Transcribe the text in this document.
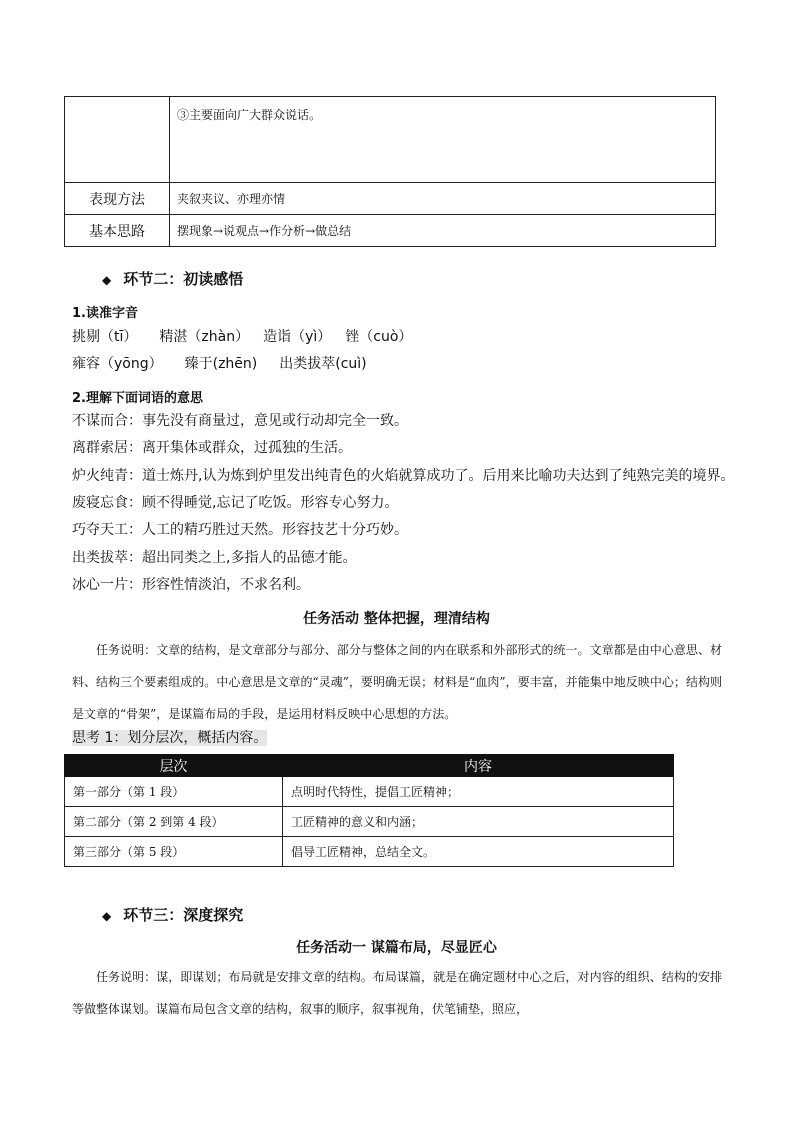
	③主要面向广大群众说话。
表现方法	夹叙夹议、亦理亦情
基本思路	摆现象→说观点→作分析→做总结
◆ 环节二：初读感悟
1.读准字音
挑剔（tī） 精湛（zhàn） 造诣（yì） 锉（cuò）
雍容（yōng） 臻于(zhēn) 出类拔萃(cuì)
2.理解下面词语的意思
不谋而合：事先没有商量过，意见或行动却完全一致。
离群索居：离开集体或群众，过孤独的生活。
炉火纯青：道士炼丹,认为炼到炉里发出纯青色的火焰就算成功了。后用来比喻功夫达到了纯熟完美的境界。
废寝忘食：顾不得睡觉,忘记了吃饭。形容专心努力。
巧夺天工：人工的精巧胜过天然。形容技艺十分巧妙。
出类拔萃：超出同类之上,多指人的品德才能。
冰心一片：形容性情淡泊，不求名利。
任务活动 整体把握，理清结构
任务说明：文章的结构，是文章部分与部分、部分与整体之间的内在联系和外部形式的统一。文章都是由中心意思、材料、结构三个要素组成的。中心意思是文章的“灵魂”，要明确无误；材料是“血肉”，要丰富，并能集中地反映中心；结构则是文章的“骨架”，是谋篇布局的手段，是运用材料反映中心思想的方法。
思考 1：划分层次，概括内容。
层次	内容
第一部分（第 1 段）	点明时代特性，提倡工匠精神；
第二部分（第 2 到第 4 段）	工匠精神的意义和内涵；
第三部分（第 5 段）	倡导工匠精神，总结全文。
◆ 环节三：深度探究
任务活动一 谋篇布局，尽显匠心
任务说明：谋，即谋划；布局就是安排文章的结构。布局谋篇，就是在确定题材中心之后，对内容的组织、结构的安排等做整体谋划。谋篇布局包含文章的结构，叙事的顺序，叙事视角，伏笔铺垫，照应，
